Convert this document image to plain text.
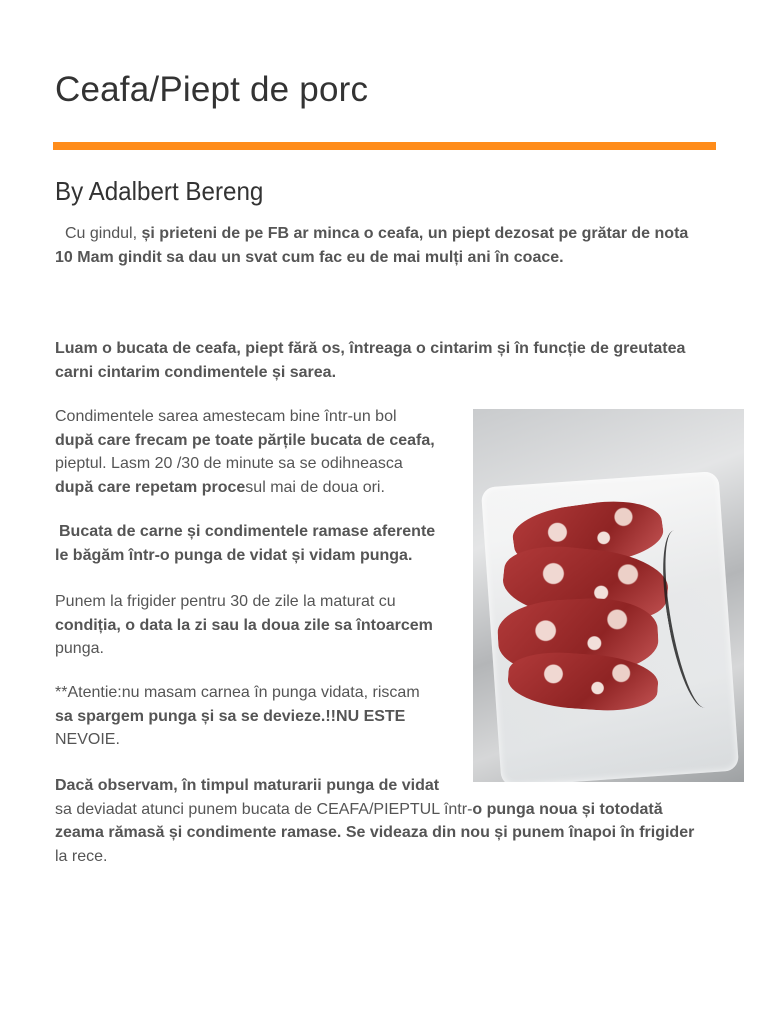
Ceafa/Piept de porc
By Adalbert Bereng

Cu gindul, și prieteni de pe FB ar minca o ceafa, un piept dezosat pe grătar de nota
10 Mam gindit sa dau un svat cum fac eu de mai mulți ani în coace.

Luam o bucata de ceafa, piept fără os, întreaga o cintarim și în funcție de greutatea
carni cintarim condimentele și sarea.

Condimentele sarea amestecam bine într-un bol
după care frecam pe toate părțile bucata de ceafa,
pieptul. Lasm 20 /30 de minute sa se odihneasca
după care repetam procesul mai de doua ori.

Bucata de carne și condimentele ramase aferente
le băgăm într-o punga de vidat și vidam punga.

Punem la frigider pentru 30 de zile la maturat cu
condiția, o data la zi sau la doua zile sa întoarcem
punga.

**Atentie:nu masam carnea în punga vidata, riscam
sa spargem punga și sa se devieze.!!NU ESTE
NEVOIE.

Dacă observam, în timpul maturarii punga de vidat
sa deviadat atunci punem bucata de CEAFA/PIEPTUL într-o punga noua și totodată
zeama rămasă și condimente ramase. Se videaza din nou și punem înapoi în frigider
la rece.
